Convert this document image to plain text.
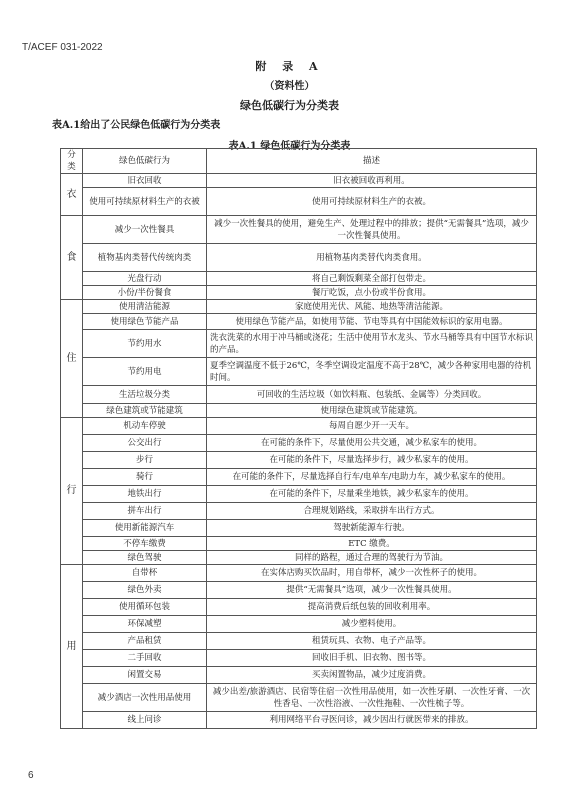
T/ACEF 031-2022
附 录 A
（资料性）
绿色低碳行为分类表
表A.1给出了公民绿色低碳行为分类表
表A.1 绿色低碳行为分类表
分类	绿色低碳行为	描述
衣	旧衣回收	旧衣被回收再利用。
	使用可持续原材料生产的衣被	使用可持续原材料生产的衣被。
食	减少一次性餐具	减少一次性餐具的使用，避免生产、处理过程中的排放；提供“无需餐具”选项，减少一次性餐具使用。
	植物基肉类替代传统肉类	用植物基肉类替代肉类食用。
	光盘行动	将自己剩饭剩菜全部打包带走。
	小份/半份餐食	餐厅吃饭，点小份或半份食用。
住	使用清洁能源	家庭使用光伏、风能、地热等清洁能源。
	使用绿色节能产品	使用绿色节能产品，如使用节能、节电等具有中国能效标识的家用电器。
	节约用水	洗衣洗菜的水用于冲马桶或浇花；生活中使用节水龙头、节水马桶等具有中国节水标识的产品。
	节约用电	夏季空调温度不低于26℃，冬季空调设定温度不高于28℃，减少各种家用电器的待机时间。
	生活垃圾分类	可回收的生活垃圾（如饮料瓶、包装纸、金属等）分类回收。
	绿色建筑或节能建筑	使用绿色建筑或节能建筑。
行	机动车停驶	每周自愿少开一天车。
	公交出行	在可能的条件下，尽量使用公共交通，减少私家车的使用。
	步行	在可能的条件下，尽量选择步行，减少私家车的使用。
	骑行	在可能的条件下，尽量选择自行车/电单车/电助力车，减少私家车的使用。
	地铁出行	在可能的条件下，尽量乘坐地铁，减少私家车的使用。
	拼车出行	合理规划路线，采取拼车出行方式。
	使用新能源汽车	驾驶新能源车行驶。
	不停车缴费	ETC 缴费。
	绿色驾驶	同样的路程，通过合理的驾驶行为节油。
用	自带杯	在实体店购买饮品时，用自带杯，减少一次性杯子的使用。
	绿色外卖	提供“无需餐具”选项，减少一次性餐具使用。
	使用循环包装	提高消费后纸包装的回收利用率。
	环保减塑	减少塑料使用。
	产品租赁	租赁玩具、衣物、电子产品等。
	二手回收	回收旧手机、旧衣物、图书等。
	闲置交易	买卖闲置物品，减少过度消费。
	减少酒店一次性用品使用	减少出差/旅游酒店、民宿等住宿一次性用品使用，如一次性牙刷、一次性牙膏、一次性香皂、一次性浴液、一次性拖鞋、一次性梳子等。
	线上问诊	利用网络平台寻医问诊，减少因出行就医带来的排放。
6
